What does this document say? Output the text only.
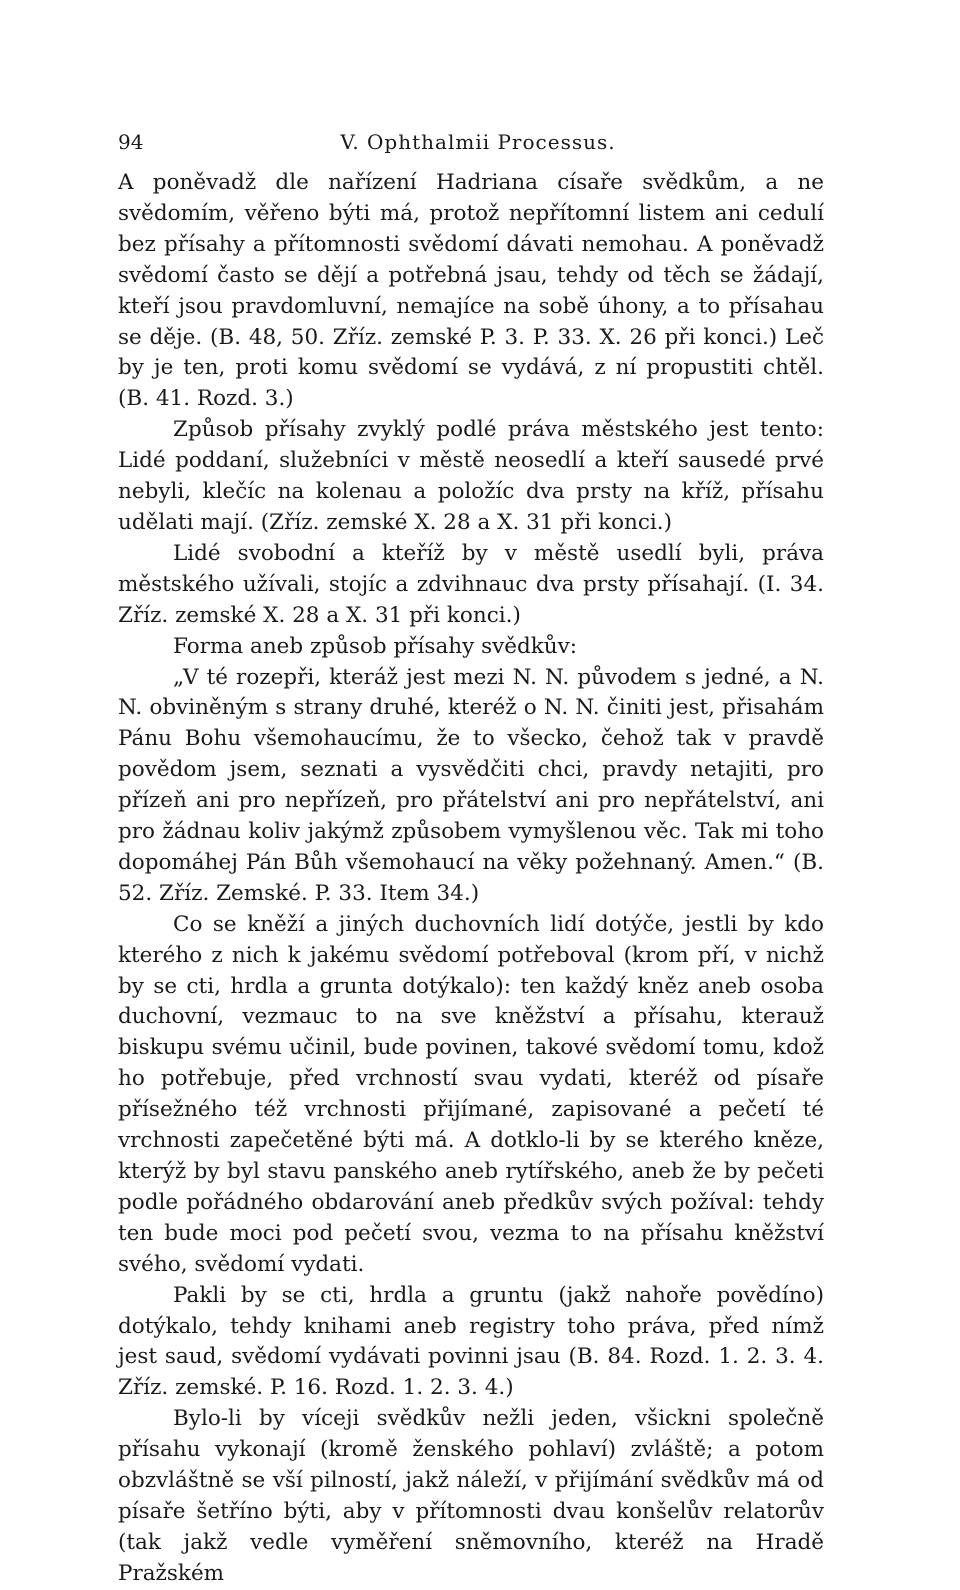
94	V. Ophthalmii Processus.

A poněvadž dle nařízení Hadriana císaře svědkům, a ne svědomím, věřeno býti má, protož nepřítomní listem ani cedulí bez přísahy a přítomnosti svědomí dávati nemohau. A poněvadž svědomí často se dějí a potřebná jsau, tehdy od těch se žádají, kteří jsou pravdomluvní, nemajíce na sobě úhony, a to přísahau se děje. (B. 48, 50. Zříz. zemské P. 3. P. 33. X. 26 při konci.) Leč by je ten, proti komu svědomí se vydává, z ní propustiti chtěl. (B. 41. Rozd. 3.)

Způsob přísahy zvyklý podlé práva městského jest tento: Lidé poddaní, služebníci v městě neosedlí a kteří sausedé prvé nebyli, klečíc na kolenau a položíc dva prsty na kříž, přísahu udělati mají. (Zříz. zemské X. 28 a X. 31 při konci.)

Lidé svobodní a kteříž by v městě usedlí byli, práva městského užívali, stojíc a zdvihnauc dva prsty přísahají. (I. 34. Zříz. zemské X. 28 a X. 31 při konci.)

Forma aneb způsob přísahy svědkův:

„V té rozepři, kteráž jest mezi N. N. původem s jedné, a N. N. obviněným s strany druhé, kteréž o N. N. činiti jest, přisahám Pánu Bohu všemohaucímu, že to všecko, čehož tak v pravdě povědom jsem, seznati a vysvědčiti chci, pravdy netajiti, pro přízeň ani pro nepřízeň, pro přátelství ani pro nepřátelství, ani pro žádnau koliv jakýmž způsobem vymyšlenou věc. Tak mi toho dopomáhej Pán Bůh všemohaucí na věky požehnaný. Amen.“ (B. 52. Zříz. Zemské. P. 33. Item 34.)

Co se kněží a jiných duchovních lidí dotýče, jestli by kdo kterého z nich k jakému svědomí potřeboval (krom pří, v nichž by se cti, hrdla a grunta dotýkalo): ten každý kněz aneb osoba duchovní, vezmauc to na sve kněžství a přísahu, kterauž biskupu svému učinil, bude povinen, takové svědomí tomu, kdož ho potřebuje, před vrchností svau vydati, kteréž od písaře přísežného též vrchnosti přijímané, zapisované a pečetí té vrchnosti zapečetěné býti má. A dotklo-li by se kterého kněze, kterýž by byl stavu panského aneb rytířského, aneb že by pečeti podle pořádného obdarování aneb předkův svých požíval: tehdy ten bude moci pod pečetí svou, vezma to na přísahu kněžství svého, svědomí vydati.

Pakli by se cti, hrdla a gruntu (jakž nahoře povědíno) dotýkalo, tehdy knihami aneb registry toho práva, před nímž jest saud, svědomí vydávati povinni jsau (B. 84. Rozd. 1. 2. 3. 4. Zříz. zemské. P. 16. Rozd. 1. 2. 3. 4.)

Bylo-li by víceji svědkův nežli jeden, všickni společně přísahu vykonají (kromě ženského pohlaví) zvláště; a potom obzvláštně se vší pilností, jakž náleží, v přijímání svědkův má od písaře šetříno býti, aby v přítomnosti dvau konšelův relatorův (tak jakž vedle vyměření sněmovního, kteréž na Hradě Pražském
